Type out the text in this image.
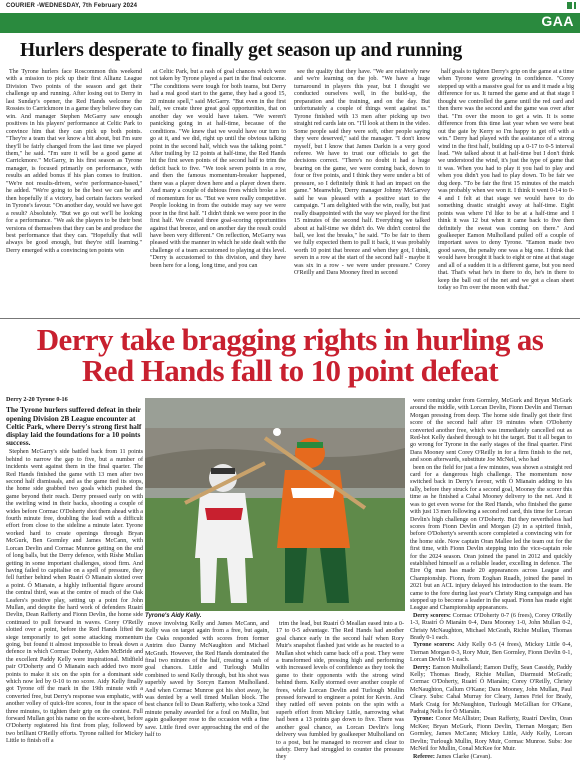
COURIER -WEDNESDAY, 7th February 2024
GAA
Hurlers desperate to finally get season up and running

The Tyrone hurlers face Roscommon this weekend with a mission to pick up their first Allianz League Division Two points of the season and get their challenge up and running. After losing out to Derry in last Sunday's opener, the Red Hands welcome the Rossies to Carrickmore in a game they believe they can win. And manager Stephen McGarry saw enough positives in his players' performance at Celtic Park to convince him that they can pick up both points. "They're a team that we know a bit about, but I'm sure they'll be fairly changed from the last time we played them," he said. "I'm sure it will be a good game at Carrickmore." McGarry, in his first season as Tyrone manager, is focused primarily on performance, with results an added bonus if his plan comes to fruition. "We're not results-driven, we're performance-based," he added. "We're going to be the best we can be and then hopefully if a victory, bad certain factors worked in Tyrone's favour. "On another day, would we have got a result? Absolutely. "But we go out we'll be looking for a performance. "We ask the players to be their best versions of themselves that they can be and produce the best performance that they can. "Hopefully that will always be good enough, but they're still learning." Derry emerged with a convincing ten points win

at Celtic Park, but a rash of goal chances which were not taken by Tyrone played a part in the final outcome. "The conditions were tough for both teams, but Derry had a real good start to the game, they had a good 15, 20 minute spell," said McGarry. "But even in the first half, we create three great goal opportunities, that on another day we would have taken. "We weren't panicking going in at half-time, because of the conditions. "We knew that we would have our turn to go at it, and we did, right up until the obvious talking point in the second half, which was the talking point." After trailing by 12 points at half-time, the Red Hands hit the first seven points of the second half to trim the deficit back to five. "We took seven points in a row, and then the famous momentum-breaker happened, there was a player down here and a player down there. And many a couple of dubious frees which broke a lot of momentum for us. "But we were really competitive. People looking in from the outside may say we were poor in the first half. "I didn't think we were poor in the first half. We created three goal-scoring opportunities against that breeze, and on another day the result could have been very different." On reflection, McGarry was pleased with the manner in which he side dealt with the challenge of a team accustomed to playing at this level. "Derry is accustomed to this division, and they have been here for a long, long time, and you can

see the quality that they have. "We are relatively new and we're learning on the job. "We have a huge turnaround in players this year, but I thought we conducted ourselves well, in the build-up, the preparation and the training, and on the day. But unfortunately a couple of things went against us." Tyrone finished with 13 men after picking up two straight red cards late on. "I'll look at them in the video. Some people said they were soft, other people saying they were deserved," said the manager. "I don't know myself, but I know that James Darkin is a very good referee. We have to trust our officials to get the decisions correct. "There's no doubt it had a huge bearing on the game, we were coming back, down to four or five points, and I think they were under a bit of pressure, so I definitely think it had an impact on the game." Meanwhile, Derry manager Johnny McGarvey said he was pleased with a positive start to the campaign. "I am delighted with the win, really, but just really disappointed with the way we played for the first 15 minutes of the second half. Everything we talked about at half-time we didn't do. We didn't control the ball, we lost the breaks," he said. "To be fair to them we fully expected them to pull it back, it was probably worth 10 point that breeze and when they got, I think, seven in a row at the start of the second half - maybe it was six in a row - we were under pressure." Corey O'Reilly and Dara Mooney fired in second

half goals to tighten Derry's grip on the game at a time when Tyrone were growing in confidence. "Corey stepped up with a massive goal for us and it made a big difference for us. It turned the game and at that stage I thought we controlled the game until the red card and then there was the second and the game was over after that. "I'm over the moon to get a win. It is some difference from this time last year when we were beat out the gate by Kerry so I'm happy to get off with a win." Derry had played with the assistance of a strong wind in the first half, building up a 0-17 to 0-5 interval lead. "We talked about it at half-time but I don't think we understood the wind, it's just the type of game that it was. When you had to play it you had to play and when you didn't you had to play down. To be fair we dug deep. "To be fair the first 15 minutes of the match was probably when we won it. I think it went 0-14 to 0-4 and I felt at that stage we would have to do something drastic straight away at half-time. Eight points was where I'd like to be at a half-time and I think it was 12 but when it came back to five then definitely the sweat was coming on there." And goalkeeper Eamon Mulholland pulled off a couple of important saves to deny Tyrone. "Eamon made two good saves, the penalty one was a big one. I think that would have brought it back to eight or nine at that stage and all of a sudden it is a different game, but you need that. That's what he's in there to do, he's in there to keep the ball out of the net and we got a clean sheet today so I'm over the moon with that."

Derry take bragging rights in hurling as Red Hands fall to 10 point defeat
Derry 2-20 Tyrone 0-16
The Tyrone hurlers suffered defeat in their opening Division 2B League encounter at Celtic Park, where Derry's strong first half display laid the foundations for a 10 points success.

Stephen McGarry's side battled back from 11 points behind to narrow the gap to five, but a number of incidents went against them in the final quarter. The Red Hands finished the game with 13 men after two second half dismissals, and as the game tied its stops, the home side grabbed two goals which pushed the game beyond their reach. Derry pressed early on with the swirling wind in their backs, shooting a couple of wides before Cormac O'Doherty shot them ahead with a fourth minute free, doubling the lead with a difficult effort from close to the sideline a minute later. Tyrone worked hard to create openings through Bryan McGurk, Ben Gormley and James McCann, with Lorcan Devlin and Cormac Munroe getting on the end of long balls, but the Derry defence, with Ríshe Mullan getting in some important challenges, stood firm. And having failed to capitalise on a spell of pressure, they fell further behind when Ruairí Ó Mianain slotted over a point. Ó Mianain, a highly influential figure around the central third, was at the centre of much of the Oak Leafers's positive play, setting up a point for John Mullan, and despite the hard work of defenders Ruairí Devlin, Dean Rafferty and Fionn Devlin, the home side continued to pull forward in waves. Corey O'Reilly slotted over a point, before the Red Hands lifted the siege temporarily to get some attacking momentum going, but found it almost impossible to break down a defence in which Cormac Doherty, Aiden McBride and the excellent Paddy Kelly were inspirational. Midfield pair O'Doherty and Ó Mianain each added two more points to make it six on the spin for a dominant side which now led by 0-10 to no score. Aidy Kelly finally got Tyrone off the mark in the 19th minute with a converted free, but Derry's response was emphatic, with another volley of quick-fire scores, four in the space of three minutes, to tighten their grip on the contest. Full forward Mullan got his name on the score-sheet, before O'Doherty registered his first from play, followed by two brilliant O'Reilly efforts. Tyrone rallied for Mickey Little to finish off a

Tyrone's Aidy Kelly.

move involving Kelly and James McCann, and Kelly was on target again from a free, but again, the Oaks responded with scores from former Antrim duo Danny McNaughton and Michael McGrath. However, the Red Hands dominated the final two minutes of the half, creating a rash of goal chances. Little and Turlough Mullin combined to send Kelly through, but his shot was superbly saved by Sorcyn Eamon Mulholland. And when Cormac Munroe got his shot away, he was denied by a well timed Mullan block. The best chance fell to Dean Rafferty, who took a 32nd minute penalty awarded for a foul on Mullin, but again goalkeeper rose to the occasion with a fine save. Little fired over approaching the end of the half to

trim the lead, but Ruairí Ó Meallan eased into a 0-17 to 0-5 advantage. The Red Hands had another goal chance early in the second half when Rory Muir's snapshot flashed just wide as he reacted to a Mullan shot which came back off a post. They were a transformed side, pressing high and performing with increased levels of confidence as they took the game to their opponents with the strong wind behind them. Kelly stormed over another couple of frees, while Lorcan Devlin and Turlough Mullin pressed forward to engineer a point for Kevin. And they rattled off seven points on the spin with a superb effort from Mickey Little, narrowing what had been a 13 points gap down to five. There was another goal chance, as Lorcan Devlin's long delivery was fumbled by goalkeeper Mulholland on to a post, but he managed to recover and clear to safety. Derry had struggled to counter the pressure they

were coming under from Gormley, McGurk and Bryan McGurk around the middle, with Lorcan Devlin, Fionn Devlin and Tiernan Morgan pressing from deep. The home side finally got their first score of the second half after 19 minutes when O'Doherty converted another free, which was immediately cancelled out as Red-hot Kelly dashed through to hit the target. But it all began to go wrong for Tyrone in the early stages of the final quarter. First Dara Mooney sent Corey O'Reilly in for a firm finish to the net, and soon afterwards, substitute Joe McNeil, who had

been on the field for just a few minutes, was shown a straight red card for a dangerous high challenge. The momentum now switched back in Derry's favour, with Ó Mianain adding to his tally, before they struck for a second goal, Mooney the scorer this time as he finished a Cahal Mooney delivery to the net. And it was to get even worse for the Red Hands, who finished the game with just 13 men following a second red card, this time for Lorcan Devlin's high challenge on O'Doherty. But they nevertheless had scores from Fionn Devlin and Morgan (2) in a spirited finish, before O'Doherty's seventh score completed a convincing win for the home side. Now captain Oran Mallee led the team out for the first time, with Fionn Devlin stepping into the vice-captain role for the 2024 season. Oran joined the panel in 2012 and quickly established himself as a reliable leader, excelling in defence. The Eire Óg man has made 20 appearances across League and Championship. Fionn, from Eoghan Ruadh, joined the panel in 2021 but an ACL injury delayed his introduction to the team. He came to the fore during last year's Christy Ring campaign and has stepped up to become a leader in the squad. Fionn has made eight League and Championship appearances.

Derry scorers: Cormac O'Doherty 0-7 (6 frees), Corey O'Reilly 1-3, Ruairí Ó Mianáin 0-4, Dara Mooney 1-0, John Mullan 0-2, Christy McNaughton, Michael McGrath, Richie Mullan, Thomas Brady 0-1 each.

Tyrone scorers: Aidy Kelly 0-5 (4 frees), Mickey Little 0-4, Tiernan Morgan 0-3, Rory Muir, Ben Gormley, Fionn Devlin 0-1, Lorcan Devlin 0-1 each.

Derry: Eamon Mulholland; Eamon Duffy, Sean Cassidy, Paddy Kelly; Thomas Brady, Richie Mullan, Diarmuid McGrath; Cormac O'Doherty, Ruairí Ó Mianáin; Corey O'Reilly, Christy McNaughton, Callum O'Kane; Dara Mooney, John Mullan, Paul Cleary. Subs: Cahal Murray for Cleary, James Friel for Brady, Mark Craig for McNaughton, Turlough McGillian for O'Kane, Padraig Nelis for Ó Mianáin.

Tyrone: Conor McAllister; Dean Rafferty, Ruairí Devlin, Oran McKee; Bryan McGurk, Fionn Devlin, Tiernan Morgan; Ben Gormley, James McCann; Mickey Little, Aidy Kelly, Lorcan Devlin; Turlough Mullin, Rory Muir, Cormac Munroe. Subs: Joe McNeil for Mullin, Conal McKee for Muir.

Referee: James Clarke (Cavan).
